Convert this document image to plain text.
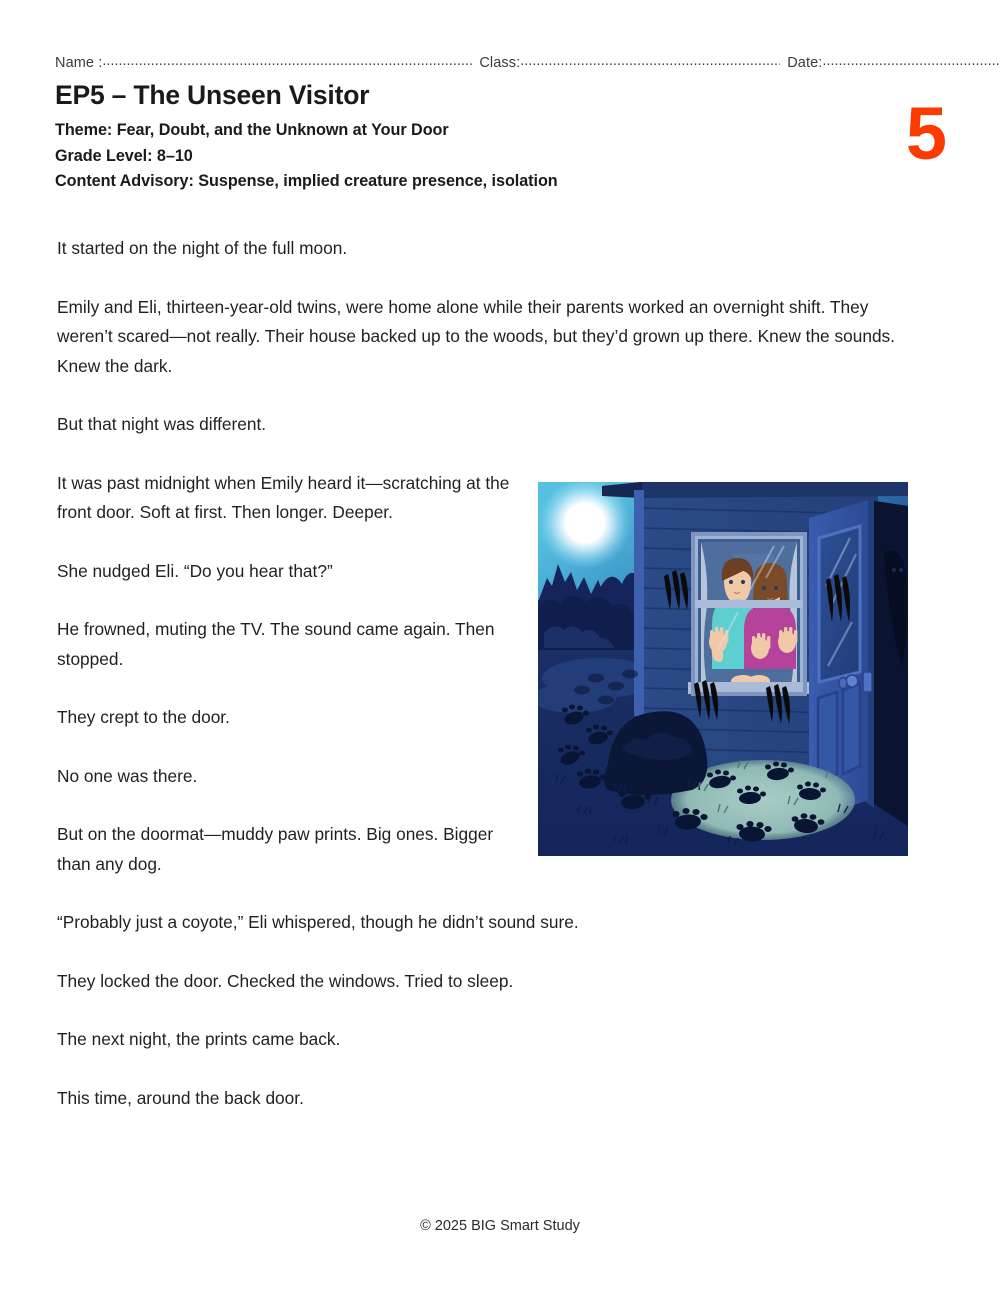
Name : .....	Class: .....	Date:
.....
EP5 – The Unseen Visitor
Theme: Fear, Doubt, and the Unknown at Your Door
Grade Level: 8–10
Content Advisory: Suspense, implied creature presence, isolation
5

It started on the night of the full moon.

Emily and Eli, thirteen-year-old twins, were home alone while their parents worked an overnight shift. They weren’t scared—not really. Their house backed up to the woods, but they’d grown up there. Knew the sounds. Knew the dark.

But that night was different.

It was past midnight when Emily heard it—scratching at the front door. Soft at first. Then longer. Deeper.

She nudged Eli. “Do you hear that?”

He frowned, muting the TV. The sound came again. Then stopped.

They crept to the door.

No one was there.

But on the doormat—muddy paw prints. Big ones. Bigger than any dog.

“Probably just a coyote,” Eli whispered, though he didn’t sound sure.

They locked the door. Checked the windows. Tried to sleep.

The next night, the prints came back.

This time, around the back door.

© 2025 BIG Smart Study
